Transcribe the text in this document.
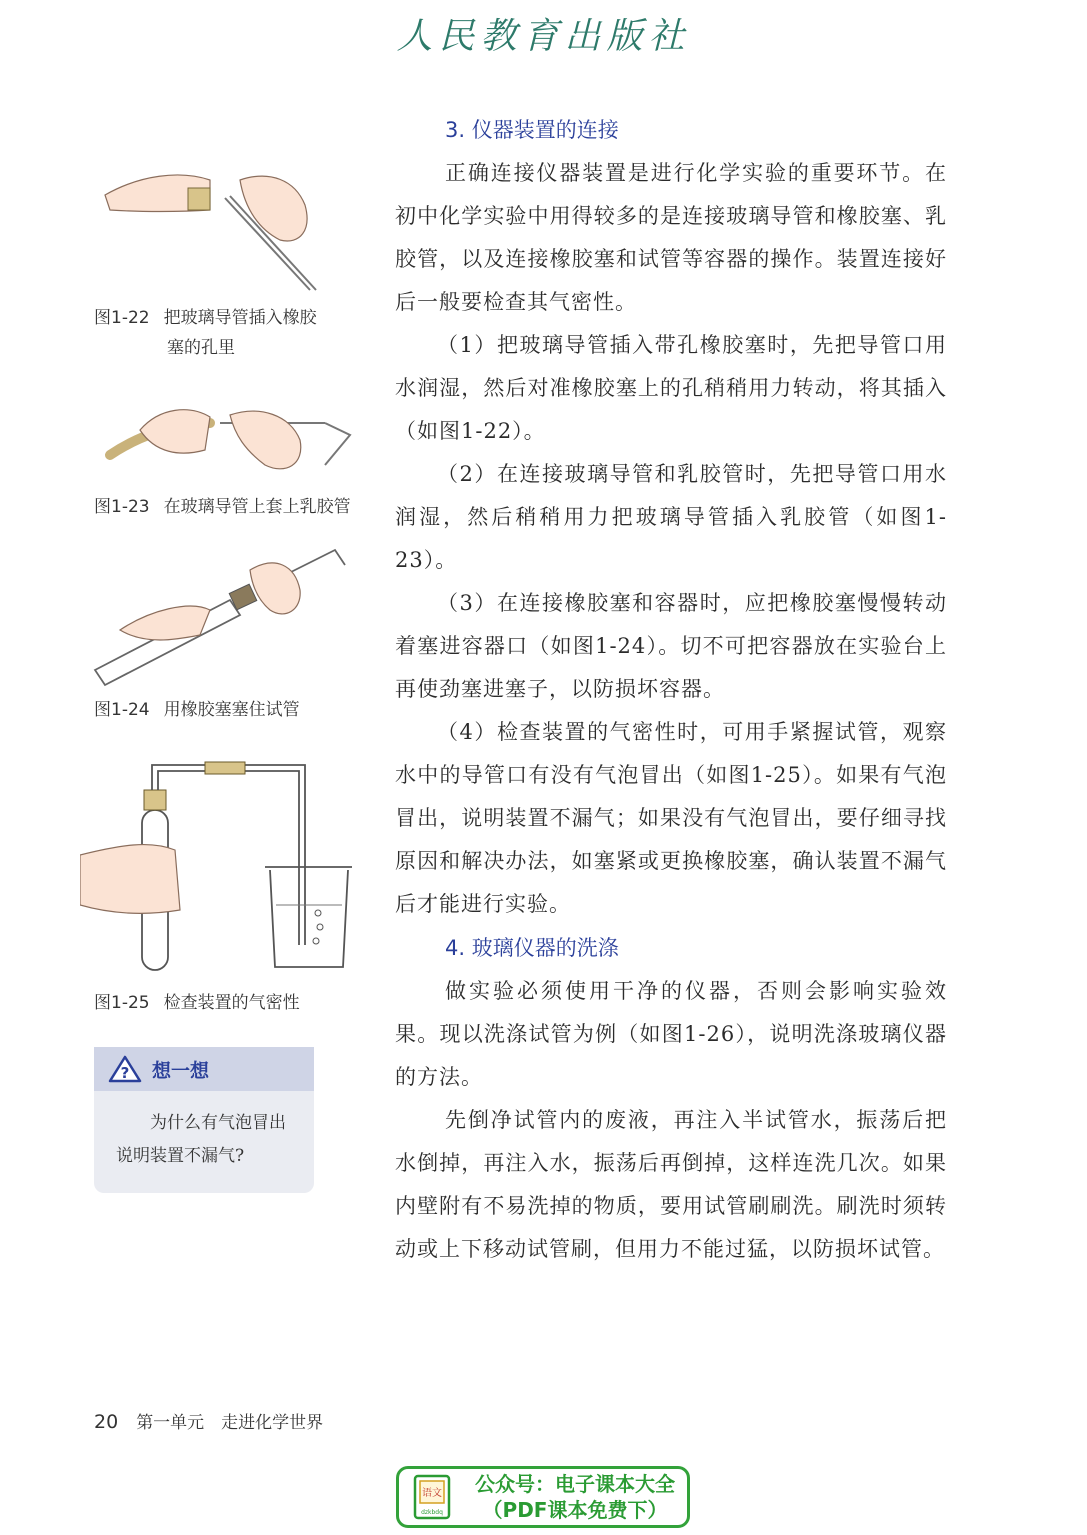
人民教育出版社
图1-22 把玻璃导管插入橡胶
塞的孔里
图1-23 在玻璃导管上套上乳胶管
图1-24 用橡胶塞塞住试管
图1-25 检查装置的气密性
? 想一想
为什么有气泡冒出说明装置不漏气?
3. 仪器装置的连接

正确连接仪器装置是进行化学实验的重要环节。在初中化学实验中用得较多的是连接玻璃导管和橡胶塞、乳胶管，以及连接橡胶塞和试管等容器的操作。装置连接好后一般要检查其气密性。

（1）把玻璃导管插入带孔橡胶塞时，先把导管口用水润湿，然后对准橡胶塞上的孔稍稍用力转动，将其插入（如图1-22）。

（2）在连接玻璃导管和乳胶管时，先把导管口用水润湿，然后稍稍用力把玻璃导管插入乳胶管（如图1-23）。

（3）在连接橡胶塞和容器时，应把橡胶塞慢慢转动着塞进容器口（如图1-24）。切不可把容器放在实验台上再使劲塞进塞子，以防损坏容器。

（4）检查装置的气密性时，可用手紧握试管，观察水中的导管口有没有气泡冒出（如图1-25）。如果有气泡冒出，说明装置不漏气；如果没有气泡冒出，要仔细寻找原因和解决办法，如塞紧或更换橡胶塞，确认装置不漏气后才能进行实验。

4. 玻璃仪器的洗涤

做实验必须使用干净的仪器，否则会影响实验效果。现以洗涤试管为例（如图1-26），说明洗涤玻璃仪器的方法。

先倒净试管内的废液，再注入半试管水，振荡后把水倒掉，再注入水，振荡后再倒掉，这样连洗几次。如果内壁附有不易洗掉的物质，要用试管刷刷洗。刷洗时须转动或上下移动试管刷，但用力不能过猛，以防损坏试管。

20 第一单元　走进化学世界
语文
dzkbdq
公众号：电子课本大全
（PDF课本免费下）
